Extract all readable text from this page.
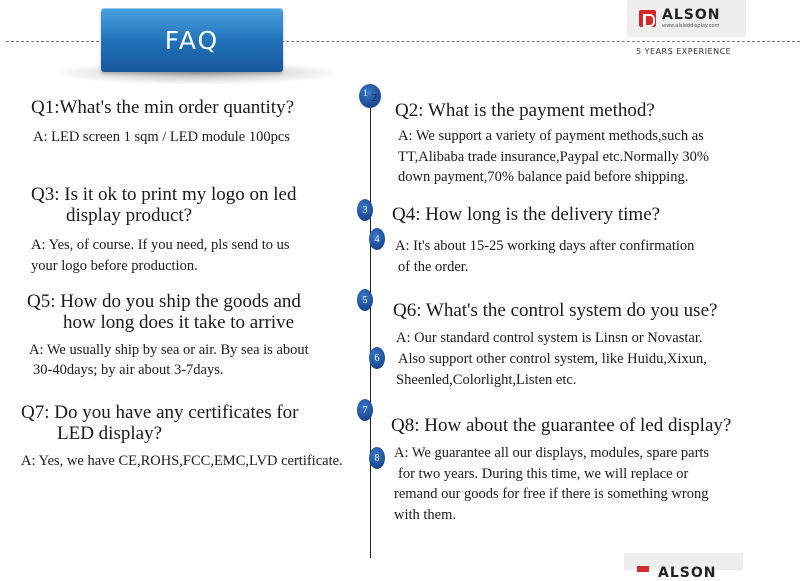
FAQ
ALSON
www.alsleddisplay.com
5 YEARS EXPERIENCE
1 2
3
4
5
6
7
8
Q1:What's the min order quantity?
A: LED screen 1 sqm / LED module 100pcs
Q2: What is the payment method?
A: We support a variety of payment methods,such as
TT,Alibaba trade insurance,Paypal etc.Normally 30%
down payment,70% balance paid before shipping.
Q3: Is it ok to print my logo on led
display product?
A: Yes, of course. If you need, pls send to us
your logo before production.
Q4: How long is the delivery time?
A: It's about 15-25 working days after confirmation
of the order.
Q5: How do you ship the goods and
how long does it take to arrive
A: We usually ship by sea or air. By sea is about
30-40days; by air about 3-7days.
Q6: What's the control system do you use?
A: Our standard control system is Linsn or Novastar.
Also support other control system, like Huidu,Xixun,
Sheenled,Colorlight,Listen etc.
Q7: Do you have any certificates for
LED display?
A: Yes, we have CE,ROHS,FCC,EMC,LVD certificate.
Q8: How about the guarantee of led display?
A: We guarantee all our displays, modules, spare parts
for two years. During this time, we will replace or
remand our goods for free if there is something wrong
with them.
ALSON
